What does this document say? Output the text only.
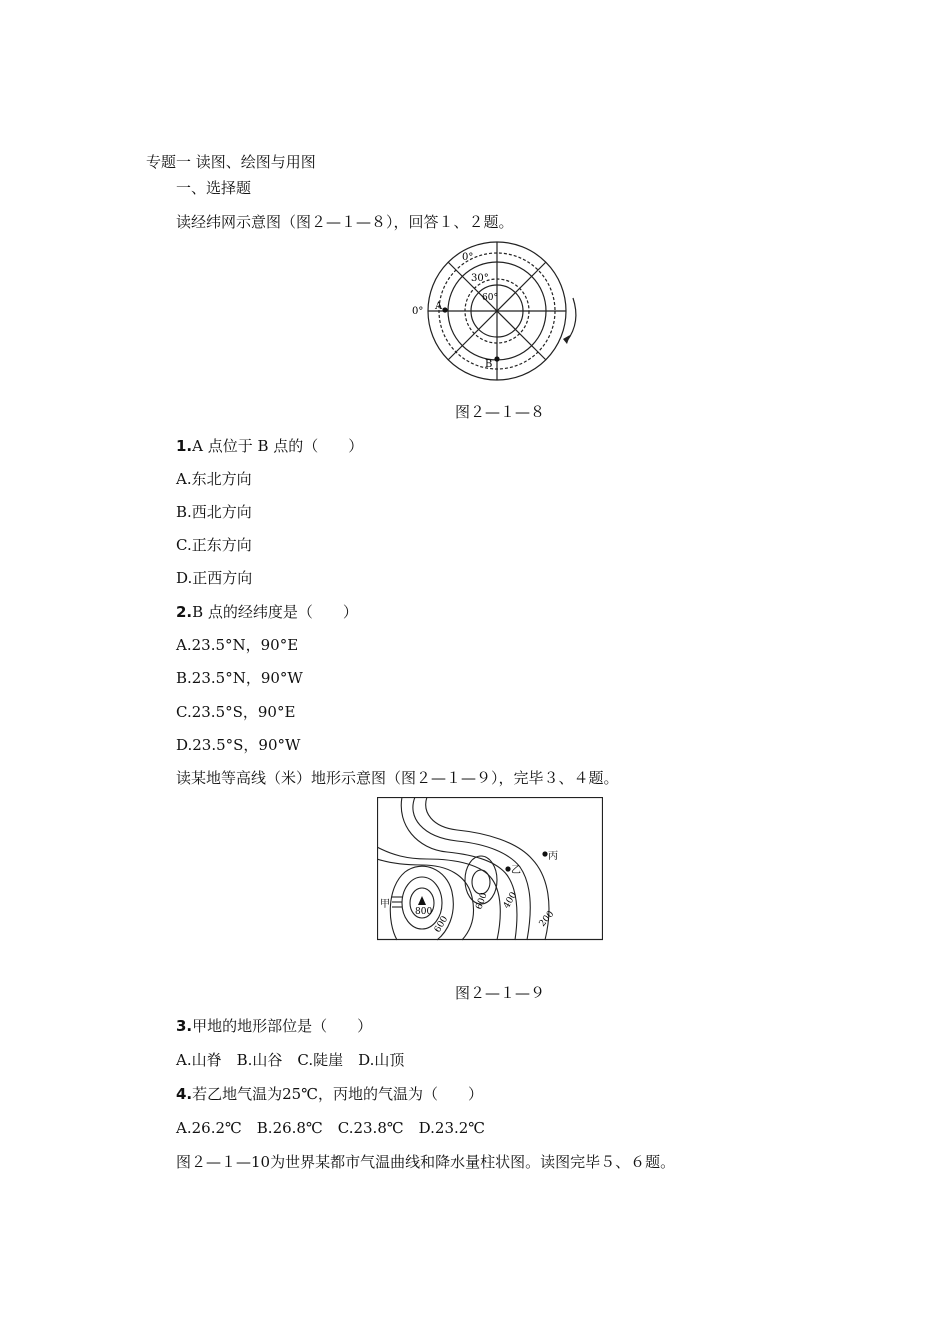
专题一 读图、绘图与用图
一、选择题
读经纬网示意图（图２—１—８），回答１、２题。
0°
30°
60°
0° A
B
图２—１—８
1.A 点位于 B 点的（　　）
A.东北方向
B.西北方向
C.正东方向
D.正西方向
2.B 点的经纬度是（　　）
A.23.5°N，90°E
B.23.5°N，90°W
C.23.5°S，90°E
D.23.5°S，90°W
读某地等高线（米）地形示意图（图２—１—９），完毕３、４题。
甲
乙
丙
800
600
600 400
200
图２—１—９
3.甲地的地形部位是（　　）
A.山脊　B.山谷　C.陡崖　D.山顶
4.若乙地气温为25℃，丙地的气温为（　　）
A.26.2℃　B.26.8℃　C.23.8℃　D.23.2℃
图２—１—10为世界某都市气温曲线和降水量柱状图。读图完毕５、６题。
